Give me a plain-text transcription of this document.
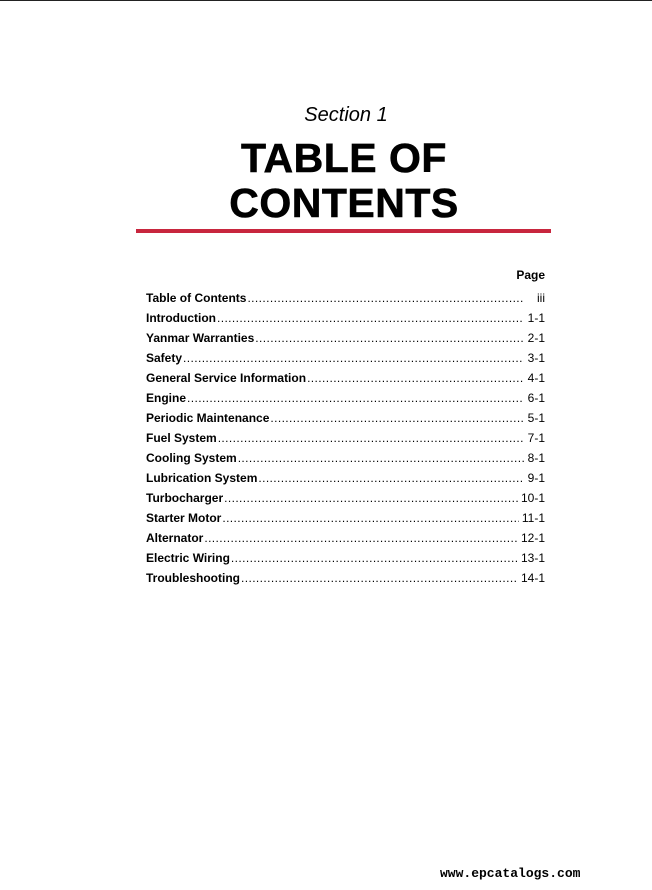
Section 1
TABLE OF
CONTENTS
Page
Table of Contents .....	iii
Introduction .....	1-1
Yanmar Warranties .....	2-1
Safety .....	3-1
General Service Information .....	4-1
Engine .....	6-1
Periodic Maintenance .....	5-1
Fuel System .....	7-1
Cooling System .....	8-1
Lubrication System .....	9-1
Turbocharger .....	10-1
Starter Motor .....	11-1
Alternator .....	12-1
Electric Wiring .....	13-1
Troubleshooting .....	14-1
www.epcatalogs.com
